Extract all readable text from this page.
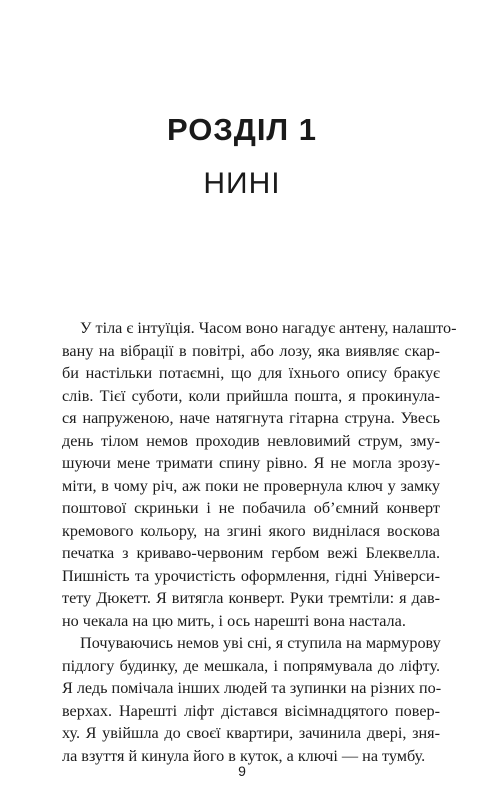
РОЗДІЛ 1
НИНІ
У тіла є інтуїція. Часом воно нагадує антену, налашто-
вану на вібрації в повітрі, або лозу, яка виявляє скар-
би настільки потаємні, що для їхнього опису бракує
слів. Тієї суботи, коли прийшла пошта, я прокинула-
ся напруженою, наче натягнута гітарна струна. Увесь
день тілом немов проходив невловимий струм, зму-
шуючи мене тримати спину рівно. Я не могла зрозу-
міти, в чому річ, аж поки не провернула ключ у замку
поштової скриньки і не побачила об’ємний конверт
кремового кольору, на згині якого виднілася воскова
печатка з криваво-червоним гербом вежі Блеквелла.
Пишність та урочистість оформлення, гідні Універси-
тету Дюкетт. Я витягла конверт. Руки тремтіли: я дав-
но чекала на цю мить, і ось нарешті вона настала.
Почуваючись немов уві сні, я ступила на мармурову
підлогу будинку, де мешкала, і попрямувала до ліфту.
Я ледь помічала інших людей та зупинки на різних по-
верхах. Нарешті ліфт дістався вісімнадцятого повер-
ху. Я увійшла до своєї квартири, зачинила двері, зня-
ла взуття й кинула його в куток, а ключі — на тумбу.
9
